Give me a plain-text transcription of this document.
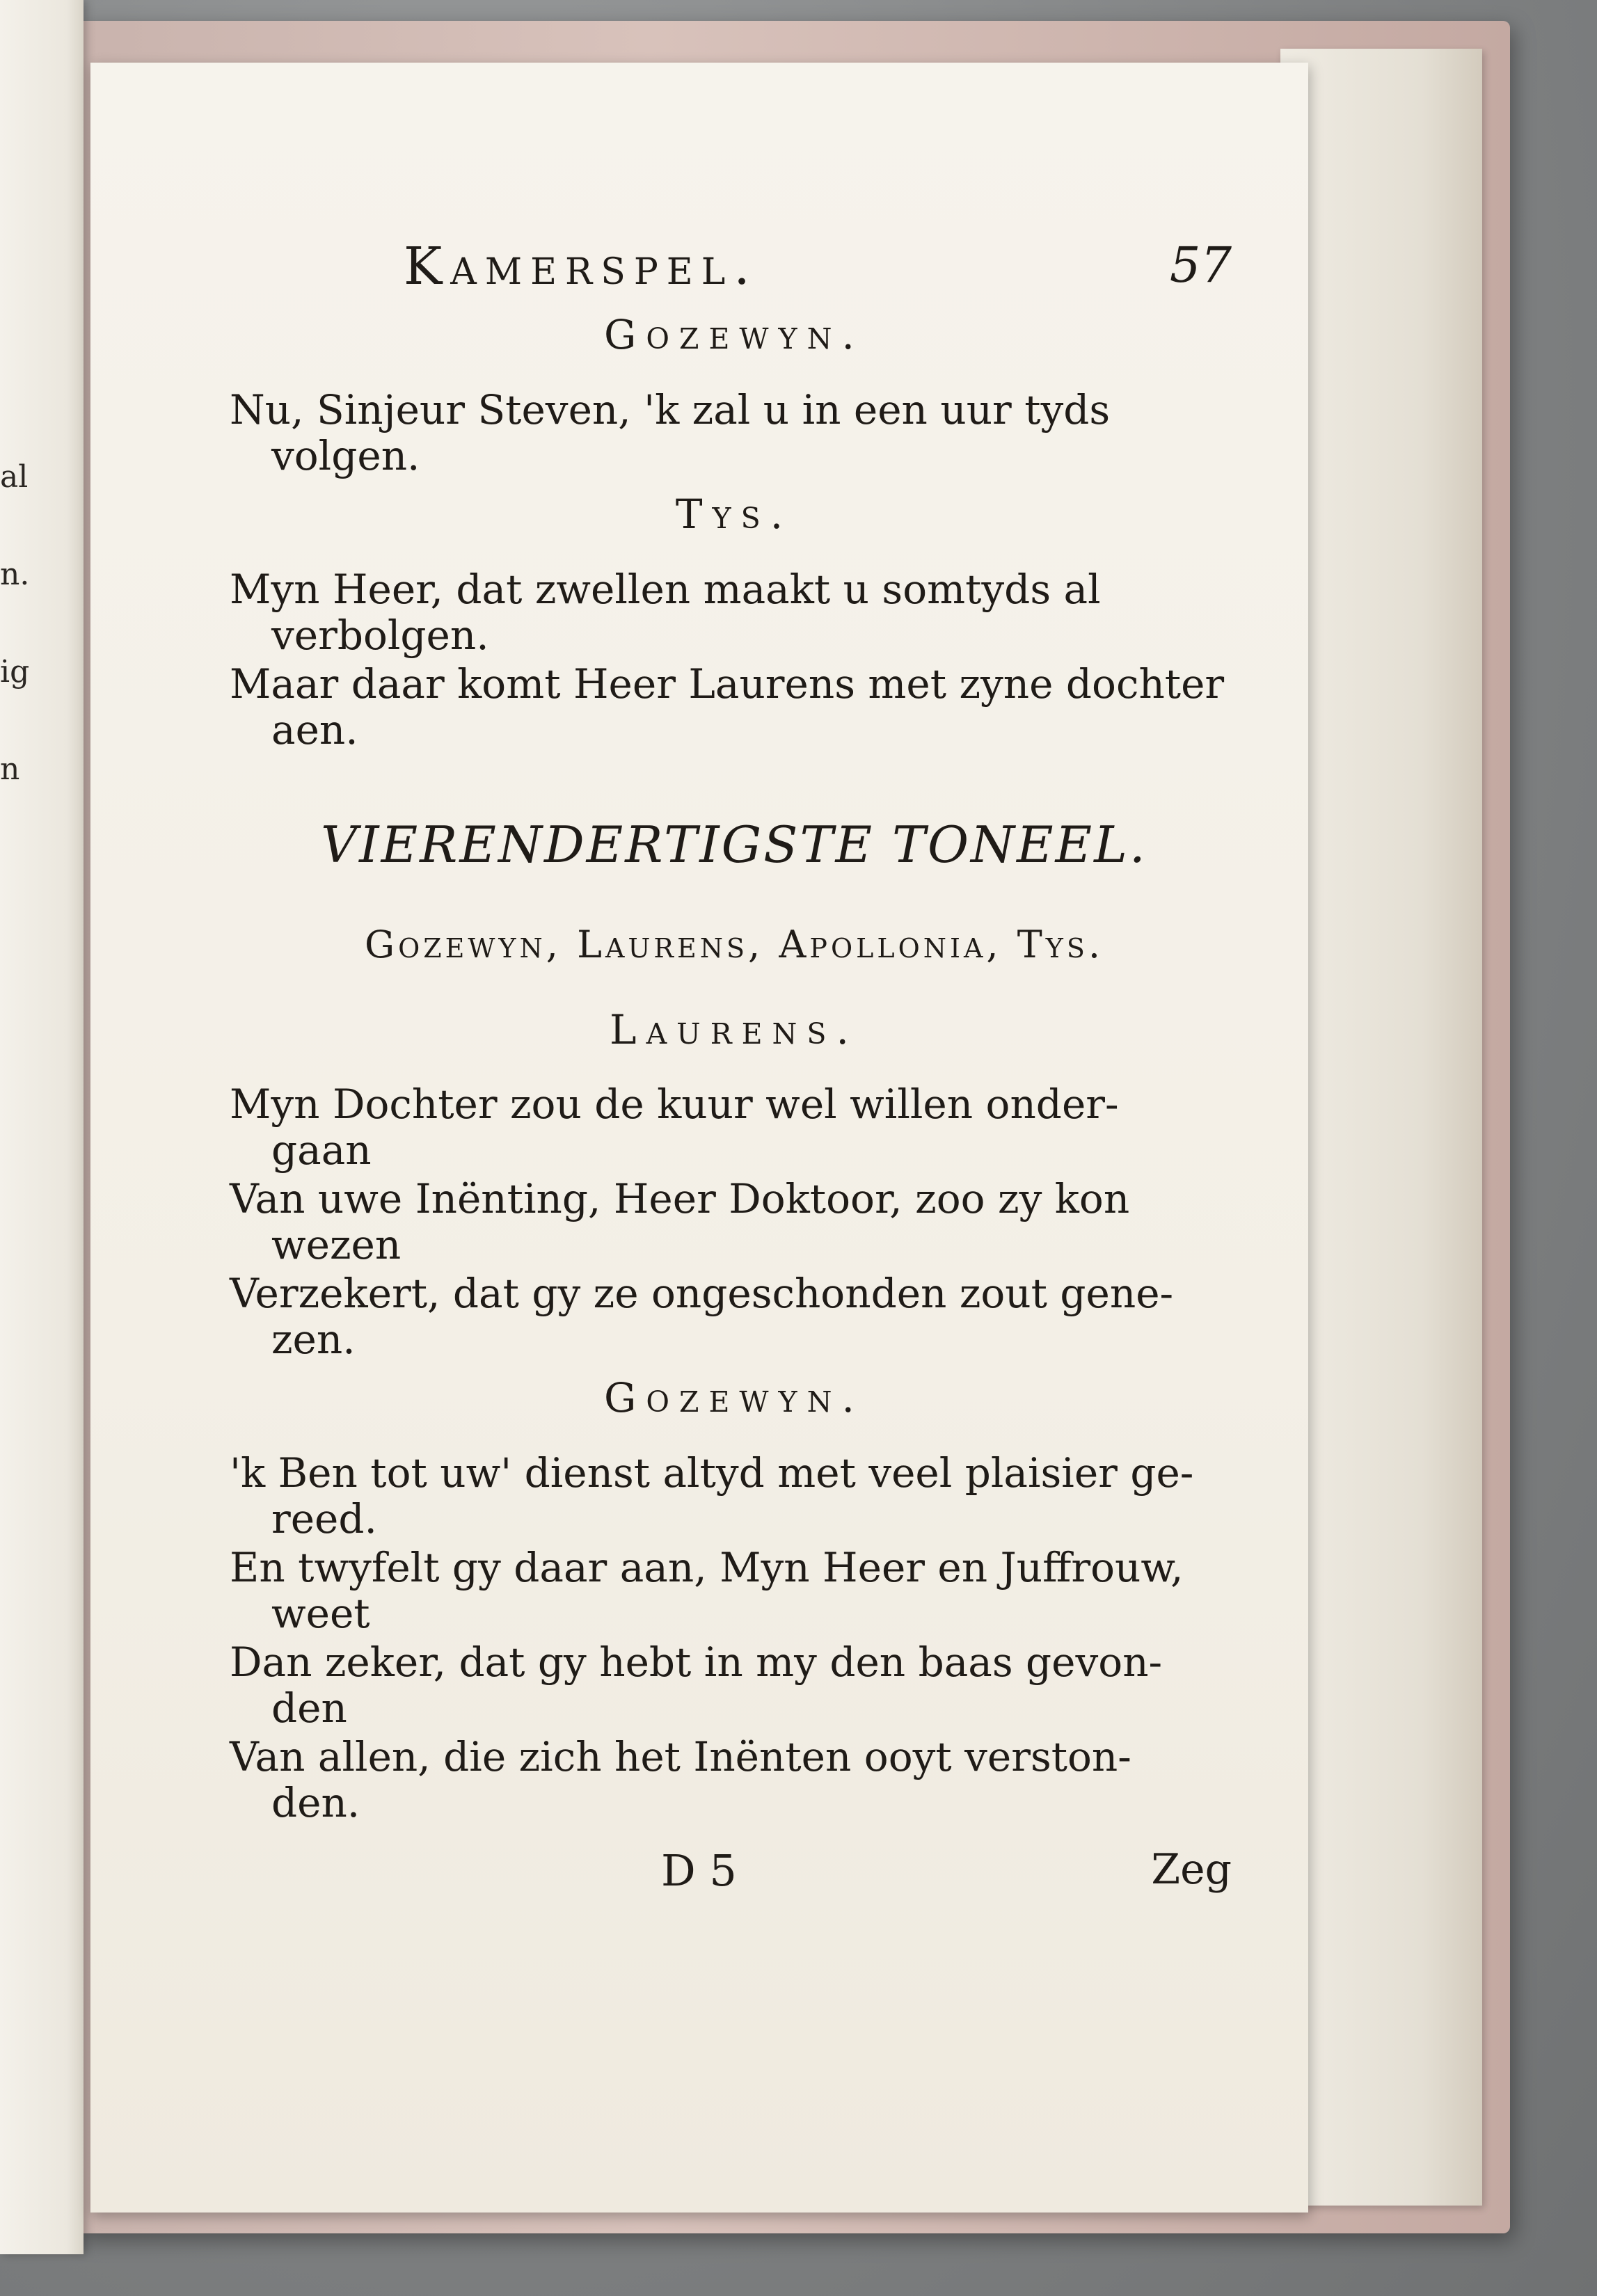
al
n.
ig
n
Kamerspel.	57
Gozewyn.
Nu, Sinjeur Steven, 'k zal u in een uur tyds
volgen.
Tys.
Myn Heer, dat zwellen maakt u somtyds al
verbolgen.
Maar daar komt Heer Laurens met zyne dochter
aen.
VIERENDERTIGSTE TONEEL.
Gozewyn, Laurens, Apollonia, Tys.
Laurens.
Myn Dochter zou de kuur wel willen onder-
gaan
Van uwe Inënting, Heer Doktoor, zoo zy kon
wezen
Verzekert, dat gy ze ongeschonden zout gene-
zen.
Gozewyn.
'k Ben tot uw' dienst altyd met veel plaisier ge-
reed.
En twyfelt gy daar aan, Myn Heer en Juffrouw,
weet
Dan zeker, dat gy hebt in my den baas gevon-
den
Van allen, die zich het Inënten ooyt verston-
den.
D 5	Zeg
